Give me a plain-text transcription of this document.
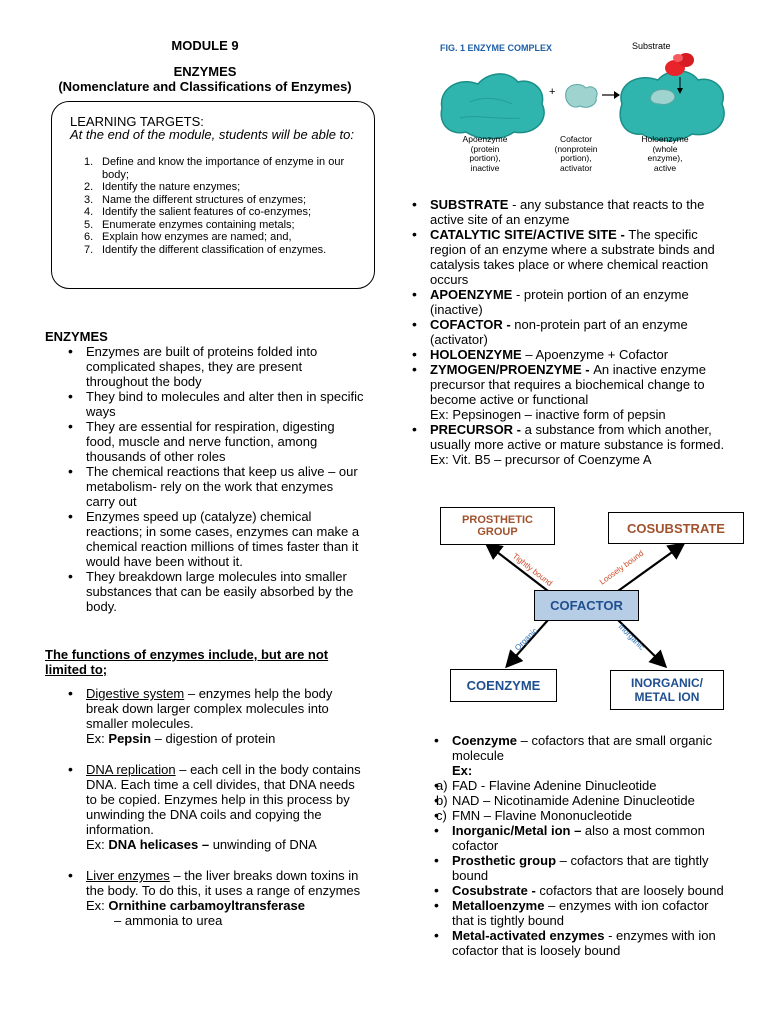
MODULE 9
ENZYMES
(Nomenclature and Classifications of Enzymes)
LEARNING TARGETS:
At the end of the module, students will be able to:
1. Define and know the importance of enzyme in our body;
2. Identify the nature enzymes;
3. Name the different structures of enzymes;
4. Identify the salient features of co-enzymes;
5. Enumerate enzymes containing metals;
6. Explain how enzymes are named; and,
7. Identify the different classification of enzymes.
ENZYMES
• Enzymes are built of proteins folded into complicated shapes, they are present throughout the body
• They bind to molecules and alter then in specific ways
• They are essential for respiration, digesting food, muscle and nerve function, among thousands of other roles
• The chemical reactions that keep us alive – our metabolism- rely on the work that enzymes carry out
• Enzymes speed up (catalyze) chemical reactions; in some cases, enzymes can make a chemical reaction millions of times faster than it would have been without it.
• They breakdown large molecules into smaller substances that can be easily absorbed by the body.
The functions of enzymes include, but are not limited to;
• Digestive system – enzymes help the body break down larger complex molecules into smaller molecules.
Ex: Pepsin – digestion of protein
• DNA replication – each cell in the body contains DNA. Each time a cell divides, that DNA needs to be copied. Enzymes help in this process by unwinding the DNA coils and copying the information.
Ex: DNA helicases – unwinding of DNA
• Liver enzymes – the liver breaks down toxins in the body. To do this, it uses a range of enzymes
Ex: Ornithine carbamoyltransferase
– ammonia to urea
FIG. 1 ENZYME COMPLEX
+
Substrate
Apoenzyme
(protein
portion),
inactive
Cofactor
(nonprotein
portion),
activator
Holoenzyme
(whole
enzyme),
active
• SUBSTRATE - any substance that reacts to the active site of an enzyme
• CATALYTIC SITE/ACTIVE SITE - The specific region of an enzyme where a substrate binds and catalysis takes place or where chemical reaction occurs
• APOENZYME - protein portion of an enzyme (inactive)
• COFACTOR - non-protein part of an enzyme (activator)
• HOLOENZYME – Apoenzyme + Cofactor
• ZYMOGEN/PROENZYME - An inactive enzyme precursor that requires a biochemical change to become active or functional
Ex: Pepsinogen – inactive form of pepsin
• PRECURSOR - a substance from which another, usually more active or mature substance is formed.
Ex: Vit. B5 – precursor of Coenzyme A
Tightly bound	Loosely bound
Organic	Inorganic
PROSTHETIC GROUP	COSUBSTRATE
COFACTOR
COENZYME	INORGANIC/ METAL ION
• Coenzyme – cofactors that are small organic molecule
Ex:
• a) FAD - Flavine Adenine Dinucleotide
• b) NAD – Nicotinamide Adenine Dinucleotide
• c) FMN – Flavine Mononucleotide
• Inorganic/Metal ion – also a most common cofactor
• Prosthetic group – cofactors that are tightly bound
• Cosubstrate - cofactors that are loosely bound
• Metalloenzyme – enzymes with ion cofactor that is tightly bound
• Metal-activated enzymes - enzymes with ion cofactor that is loosely bound
